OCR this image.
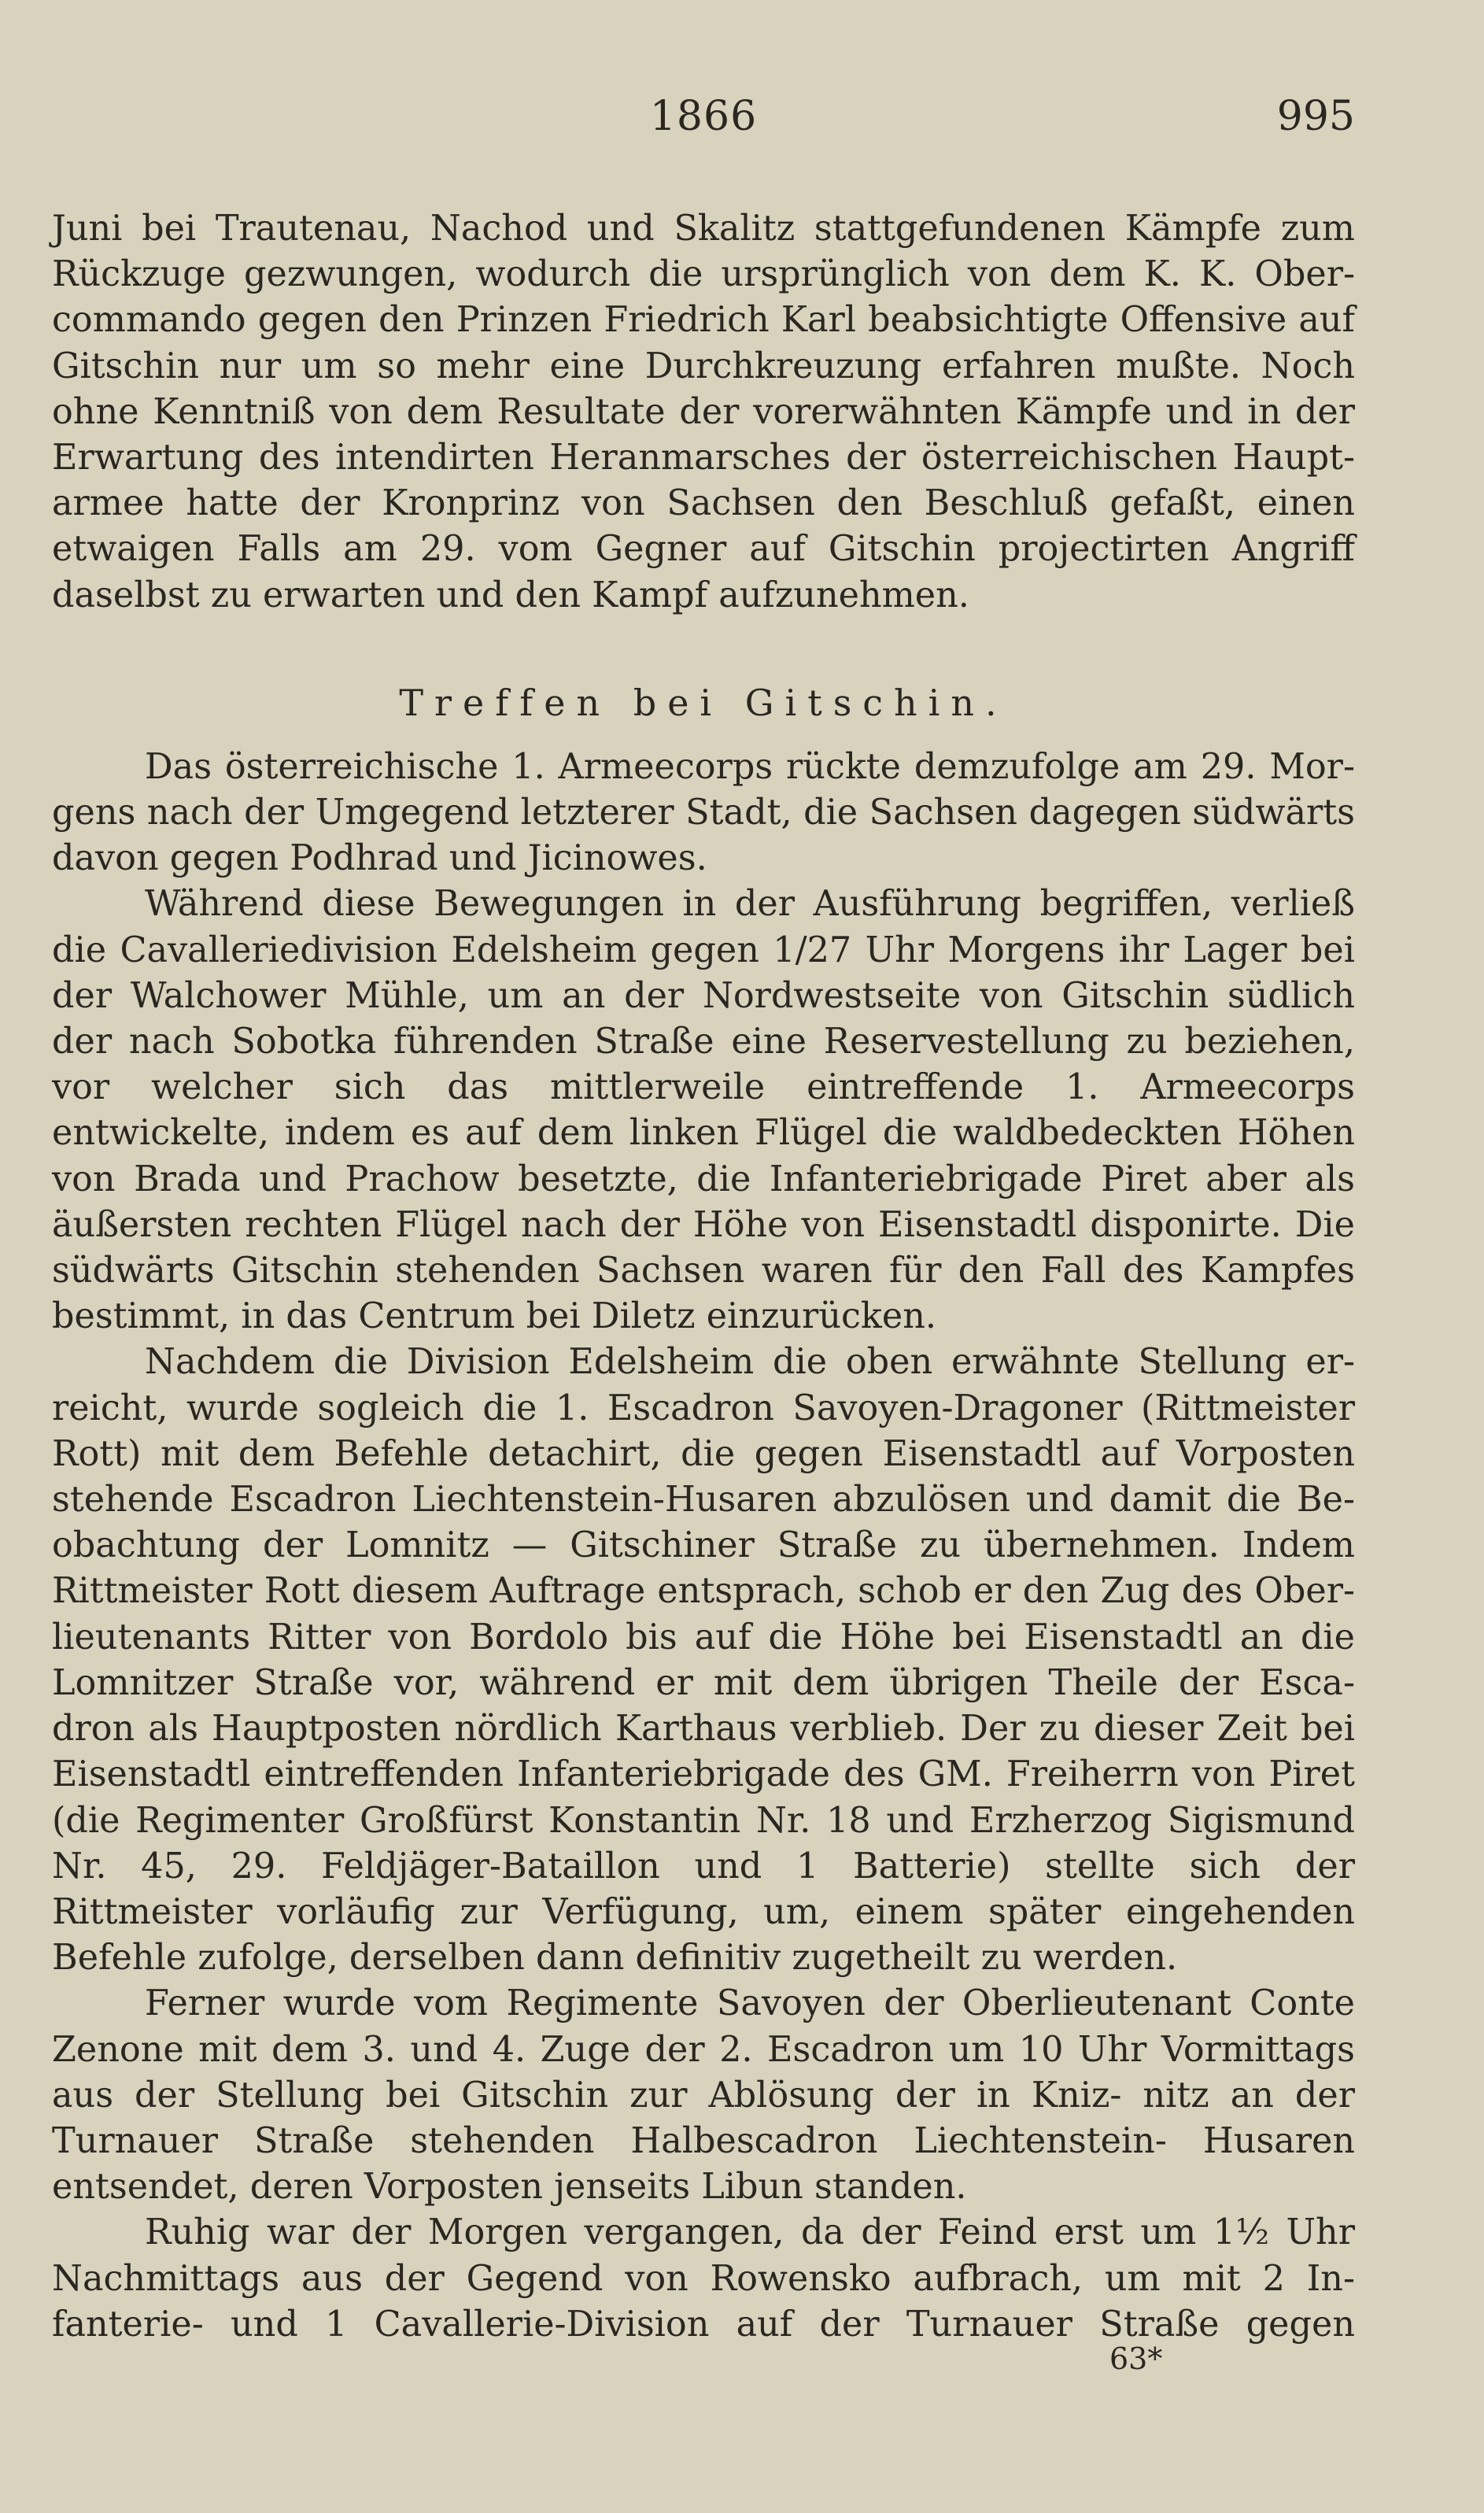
1866	995

Juni bei Trautenau, Nachod und Skalitz stattgefundenen Kämpfe zum Rückzuge gezwungen, wodurch die ursprünglich von dem K. K. Ober- commando gegen den Prinzen Friedrich Karl beabsichtigte Offensive auf Gitschin nur um so mehr eine Durchkreuzung erfahren mußte. Noch ohne Kenntniß von dem Resultate der vorerwähnten Kämpfe und in der Erwartung des intendirten Heranmarsches der österreichischen Haupt- armee hatte der Kronprinz von Sachsen den Beschluß gefaßt, einen etwaigen Falls am 29. vom Gegner auf Gitschin projectirten Angriff daselbst zu erwarten und den Kampf aufzunehmen.

Treffen bei Gitschin.

Das österreichische 1. Armeecorps rückte demzufolge am 29. Mor- gens nach der Umgegend letzterer Stadt, die Sachsen dagegen südwärts davon gegen Podhrad und Jicinowes.

Während diese Bewegungen in der Ausführung begriffen, verließ die Cavalleriedivision Edelsheim gegen 1/27 Uhr Morgens ihr Lager bei der Walchower Mühle, um an der Nordwestseite von Gitschin südlich der nach Sobotka führenden Straße eine Reservestellung zu beziehen, vor welcher sich das mittlerweile eintreffende 1. Armeecorps entwickelte, indem es auf dem linken Flügel die waldbedeckten Höhen von Brada und Prachow besetzte, die Infanteriebrigade Piret aber als äußersten rechten Flügel nach der Höhe von Eisenstadtl disponirte. Die südwärts Gitschin stehenden Sachsen waren für den Fall des Kampfes bestimmt, in das Centrum bei Diletz einzurücken.

Nachdem die Division Edelsheim die oben erwähnte Stellung er- reicht, wurde sogleich die 1. Escadron Savoyen-Dragoner (Rittmeister Rott) mit dem Befehle detachirt, die gegen Eisenstadtl auf Vorposten stehende Escadron Liechtenstein-Husaren abzulösen und damit die Be- obachtung der Lomnitz — Gitschiner Straße zu übernehmen. Indem Rittmeister Rott diesem Auftrage entsprach, schob er den Zug des Ober- lieutenants Ritter von Bordolo bis auf die Höhe bei Eisenstadtl an die Lomnitzer Straße vor, während er mit dem übrigen Theile der Esca- dron als Hauptposten nördlich Karthaus verblieb. Der zu dieser Zeit bei Eisenstadtl eintreffenden Infanteriebrigade des GM. Freiherrn von Piret (die Regimenter Großfürst Konstantin Nr. 18 und Erzherzog Sigismund Nr. 45, 29. Feldjäger-Bataillon und 1 Batterie) stellte sich der Rittmeister vorläufig zur Verfügung, um, einem später eingehenden Befehle zufolge, derselben dann definitiv zugetheilt zu werden.

Ferner wurde vom Regimente Savoyen der Oberlieutenant Conte Zenone mit dem 3. und 4. Zuge der 2. Escadron um 10 Uhr Vormittags aus der Stellung bei Gitschin zur Ablösung der in Kniz- nitz an der Turnauer Straße stehenden Halbescadron Liechtenstein- Husaren entsendet, deren Vorposten jenseits Libun standen.

Ruhig war der Morgen vergangen, da der Feind erst um 1½ Uhr Nachmittags aus der Gegend von Rowensko aufbrach, um mit 2 In- fanterie- und 1 Cavallerie-Division auf der Turnauer Straße gegen

63*
